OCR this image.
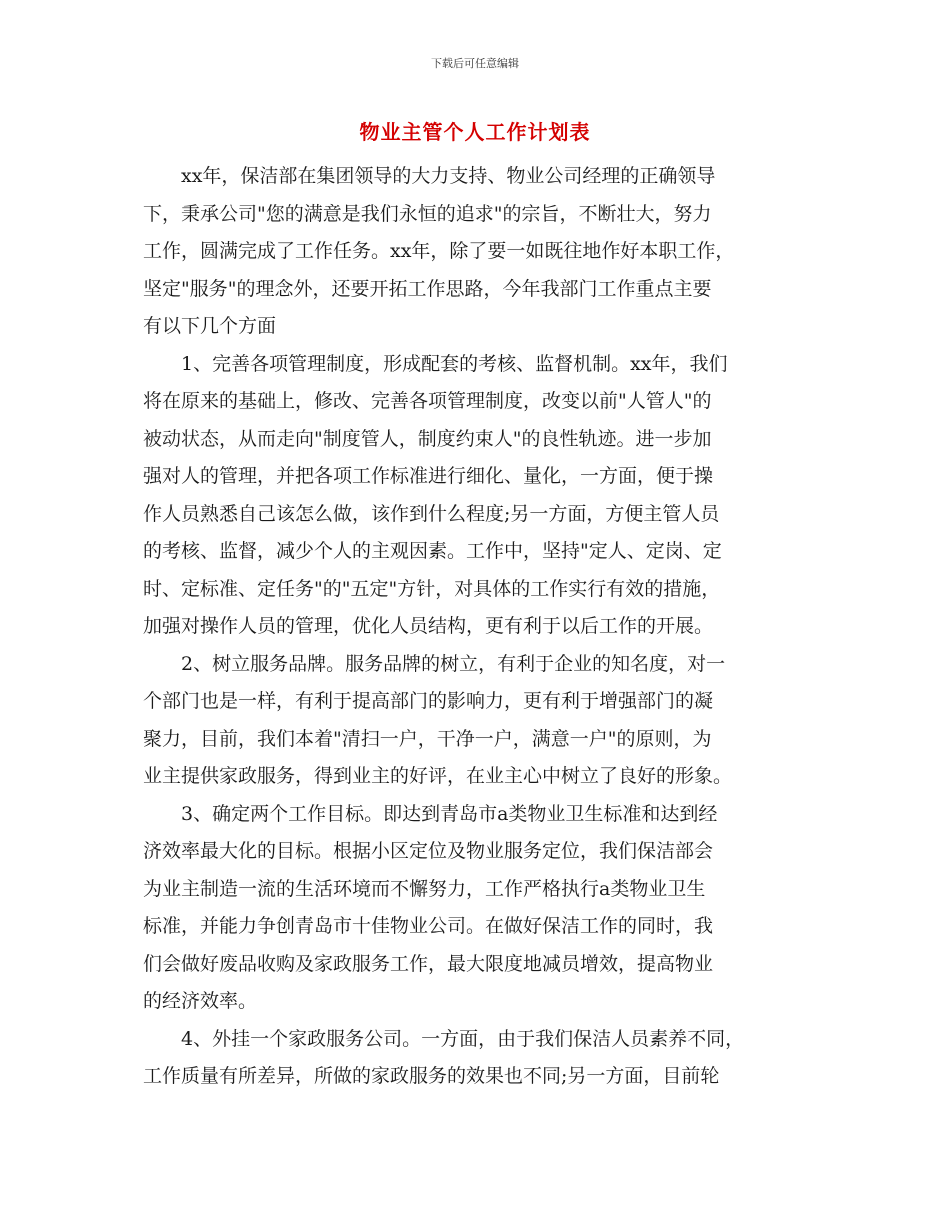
下载后可任意编辑
物业主管个人工作计划表

xx年，保洁部在集团领导的大力支持、物业公司经理的正确领导
下，秉承公司"您的满意是我们永恒的追求"的宗旨，不断壮大，努力
工作，圆满完成了工作任务。xx年，除了要一如既往地作好本职工作，
坚定"服务"的理念外，还要开拓工作思路，今年我部门工作重点主要
有以下几个方面

1、完善各项管理制度，形成配套的考核、监督机制。xx年，我们
将在原来的基础上，修改、完善各项管理制度，改变以前"人管人"的
被动状态，从而走向"制度管人，制度约束人"的良性轨迹。进一步加
强对人的管理，并把各项工作标准进行细化、量化，一方面，便于操
作人员熟悉自己该怎么做，该作到什么程度;另一方面，方便主管人员
的考核、监督，减少个人的主观因素。工作中，坚持"定人、定岗、定
时、定标准、定任务"的"五定"方针，对具体的工作实行有效的措施，
加强对操作人员的管理，优化人员结构，更有利于以后工作的开展。

2、树立服务品牌。服务品牌的树立，有利于企业的知名度，对一
个部门也是一样，有利于提高部门的影响力，更有利于增强部门的凝
聚力，目前，我们本着"清扫一户，干净一户，满意一户"的原则，为
业主提供家政服务，得到业主的好评，在业主心中树立了良好的形象。

3、确定两个工作目标。即达到青岛市a类物业卫生标准和达到经
济效率最大化的目标。根据小区定位及物业服务定位，我们保洁部会
为业主制造一流的生活环境而不懈努力，工作严格执行a类物业卫生
标准，并能力争创青岛市十佳物业公司。在做好保洁工作的同时，我
们会做好废品收购及家政服务工作，最大限度地减员增效，提高物业
的经济效率。

4、外挂一个家政服务公司。一方面，由于我们保洁人员素养不同，
工作质量有所差异，所做的家政服务的效果也不同;另一方面，目前轮
